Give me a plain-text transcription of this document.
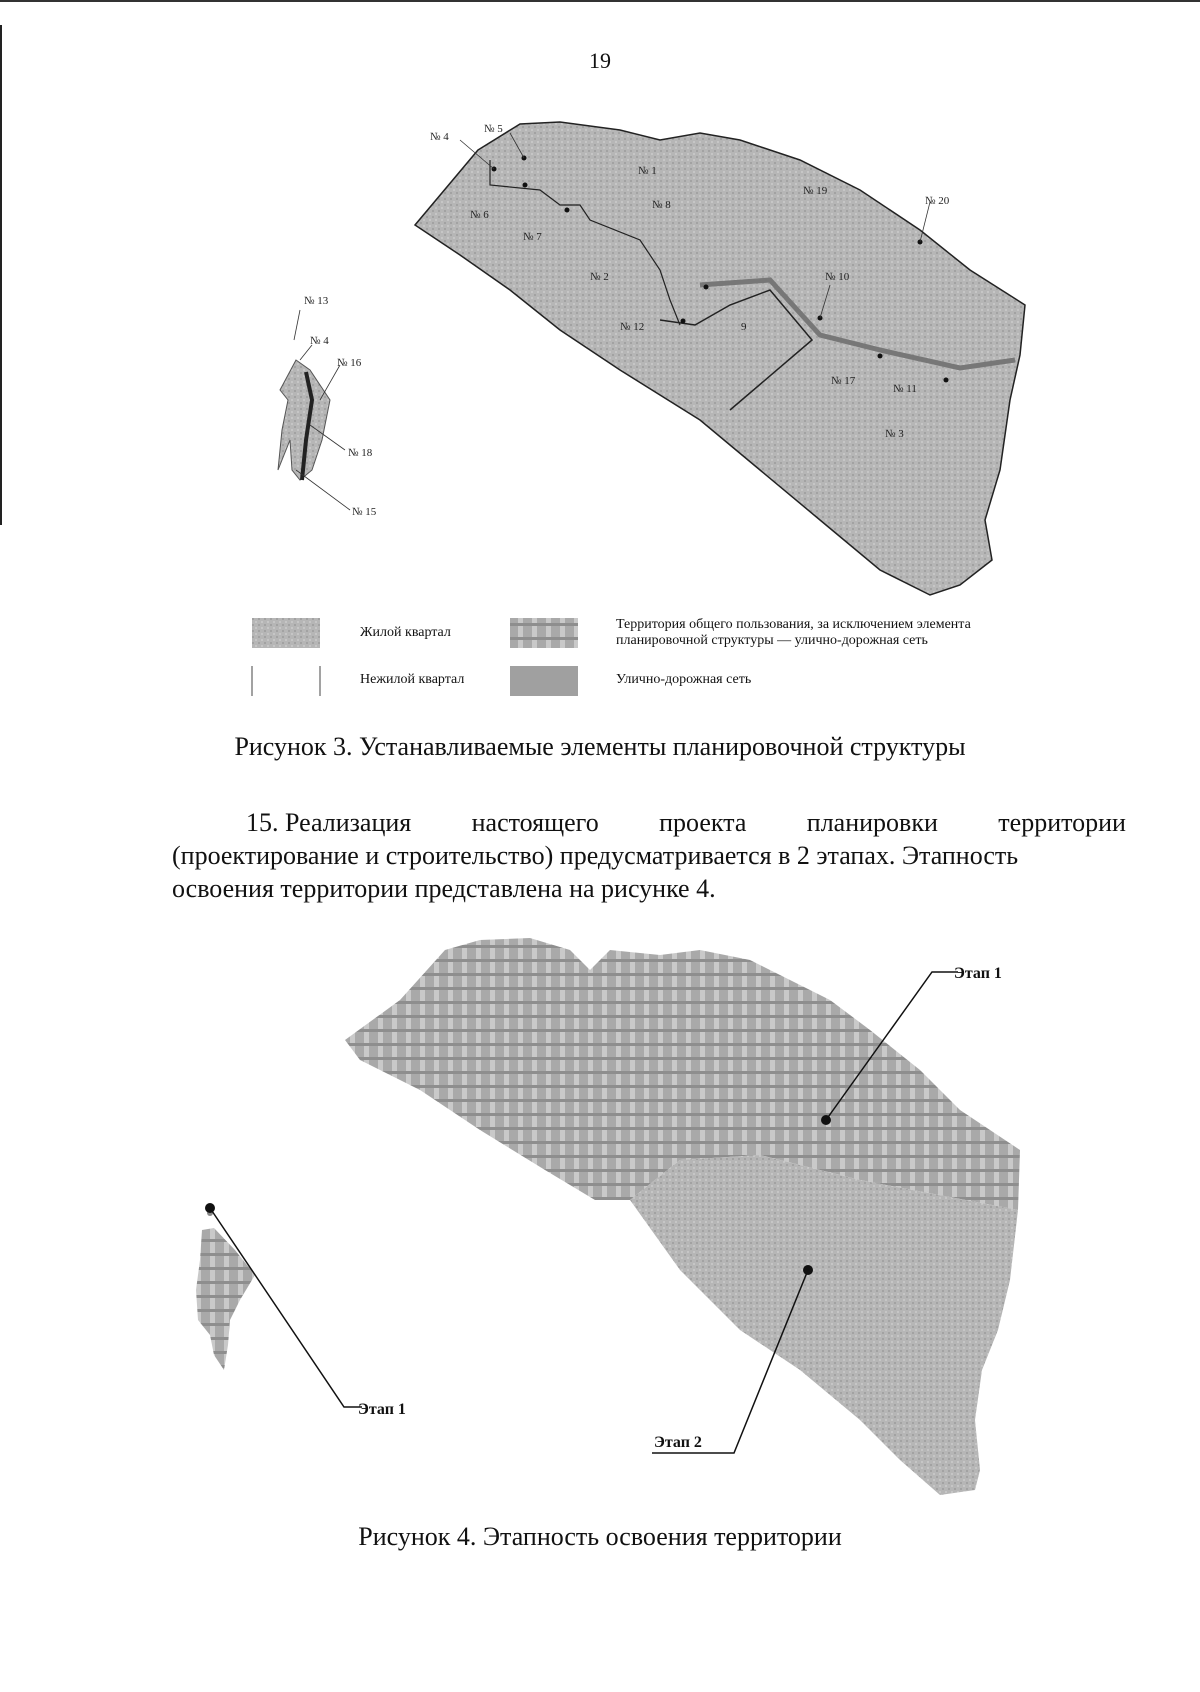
19
№ 4
№ 5
№ 1
№ 19
№ 20
№ 8
№ 6
№ 7
№ 2	№ 10
№ 12	9
№ 17
№ 11
№ 3
№ 13
№ 4
№ 16
№ 18
№ 15
Этап 1
Этап 1
Этап 2
Жилой квартал
Территория общего пользования, за исключением элемента планировочной структуры — улично-дорожная сеть
Нежилой квартал	Улично-дорожная сеть
Рисунок 3. Устанавливаемые элементы планировочной структуры
15. Реализация настоящего проекта планировки территории
(проектирование и строительство) предусматривается в 2 этапах. Этапность
освоения территории представлена на рисунке 4.
Рисунок 4. Этапность освоения территории
